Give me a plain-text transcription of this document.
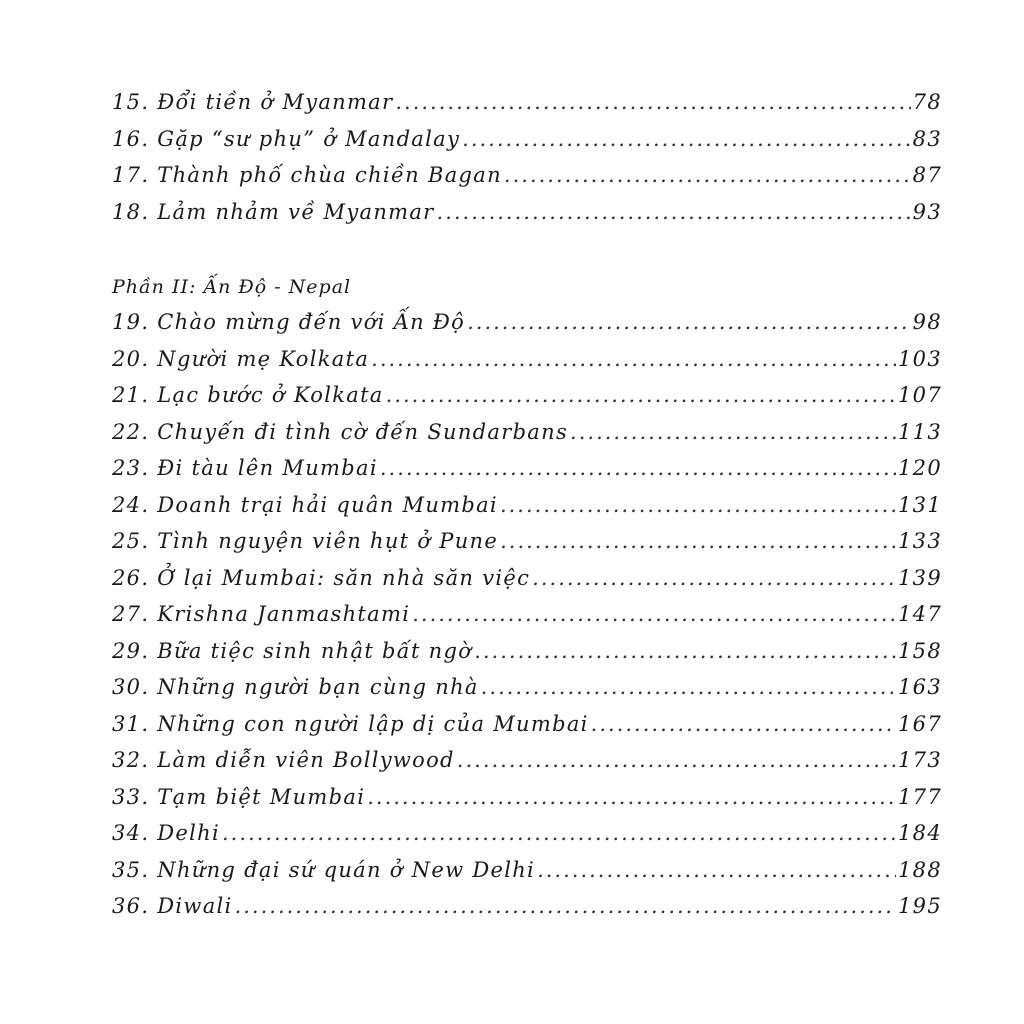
15. Đổi tiền ở Myanmar .....	78
16. Gặp “sư phụ” ở Mandalay .....	83
17. Thành phố chùa chiền Bagan .....	87
18. Lảm nhảm về Myanmar .....	93
Phần II: Ấn Độ - Nepal
19. Chào mừng đến với Ấn Độ .....	98
20. Người mẹ Kolkata .....	103
21. Lạc bước ở Kolkata .....	107
22. Chuyến đi tình cờ đến Sundarbans .....	113
23. Đi tàu lên Mumbai .....	120
24. Doanh trại hải quân Mumbai .....	131
25. Tình nguyện viên hụt ở Pune .....	133
26. Ở lại Mumbai: săn nhà săn việc .....	139
27. Krishna Janmashtami .....	147
29. Bữa tiệc sinh nhật bất ngờ .....	158
30. Những người bạn cùng nhà .....	163
31. Những con người lập dị của Mumbai .....	167
32. Làm diễn viên Bollywood .....	173
33. Tạm biệt Mumbai .....	177
34. Delhi .....	184
35. Những đại sứ quán ở New Delhi .....	188
36. Diwali .....	195
